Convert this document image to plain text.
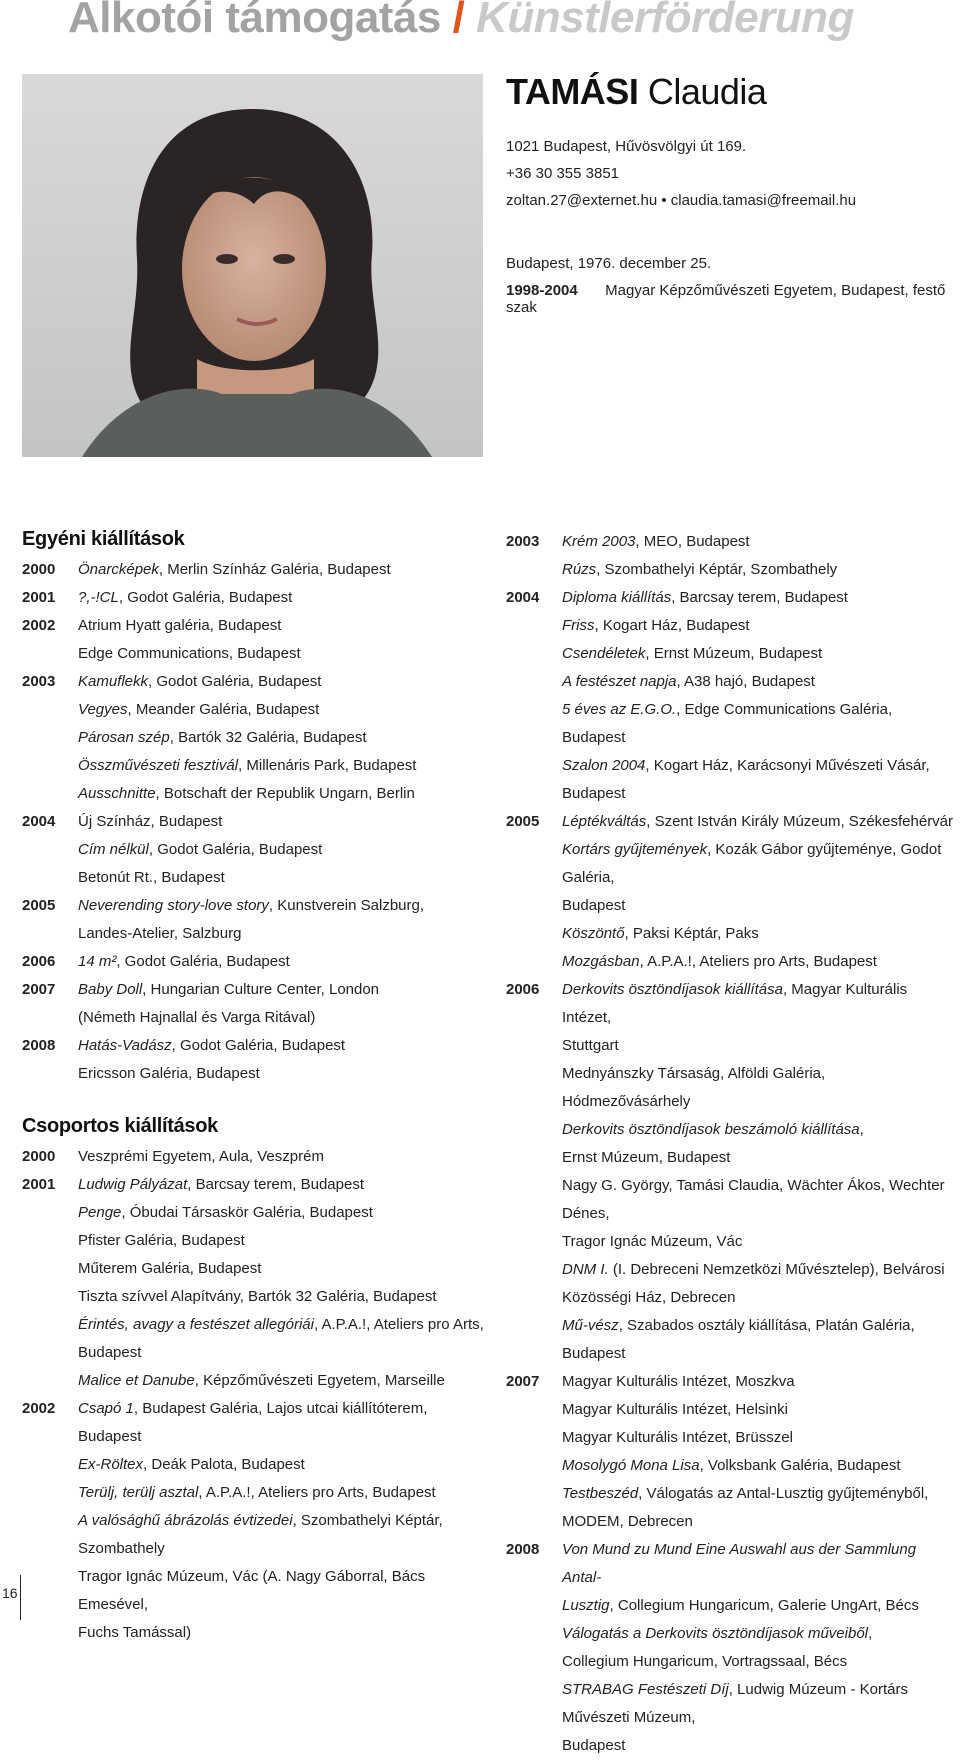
Alkotói támogatás / Künstlerförderung
TAMÁSI Claudia
1021 Budapest, Hűvösvölgyi út 169.
+36 30 355 3851
zoltan.27@externet.hu • claudia.tamasi@freemail.hu
Budapest, 1976. december 25.
1998-2004 Magyar Képzőművészeti Egyetem, Budapest, festő szak
Egyéni kiállítások
2000 Önarcképek, Merlin Színház Galéria, Budapest
2001 ?,-!CL, Godot Galéria, Budapest
2002 Atrium Hyatt galéria, Budapest
Edge Communications, Budapest
2003 Kamuflekk, Godot Galéria, Budapest
Vegyes, Meander Galéria, Budapest
Párosan szép, Bartók 32 Galéria, Budapest
Összművészeti fesztivál, Millenáris Park, Budapest
Ausschnitte, Botschaft der Republik Ungarn, Berlin
2004 Új Színház, Budapest
Cím nélkül, Godot Galéria, Budapest
Betonút Rt., Budapest
2005 Neverending story-love story, Kunstverein Salzburg,
Landes-Atelier, Salzburg
2006 14 m², Godot Galéria, Budapest
2007 Baby Doll, Hungarian Culture Center, London
(Németh Hajnallal és Varga Ritával)
2008 Hatás-Vadász, Godot Galéria, Budapest
Ericsson Galéria, Budapest
Csoportos kiállítások
2000 Veszprémi Egyetem, Aula, Veszprém
2001 Ludwig Pályázat, Barcsay terem, Budapest
Penge, Óbudai Társaskör Galéria, Budapest
Pfister Galéria, Budapest
Műterem Galéria, Budapest
Tiszta szívvel Alapítvány, Bartók 32 Galéria, Budapest
Érintés, avagy a festészet allegóriái, A.P.A.!, Ateliers pro Arts,
Budapest
Malice et Danube, Képzőművészeti Egyetem, Marseille
2002 Csapó 1, Budapest Galéria, Lajos utcai kiállítóterem, Budapest
Ex-Röltex, Deák Palota, Budapest
Terülj, terülj asztal, A.P.A.!, Ateliers pro Arts, Budapest
A valósághű ábrázolás évtizedei, Szombathelyi Képtár, Szombathely
Tragor Ignác Múzeum, Vác (A. Nagy Gáborral, Bács Emesével,
Fuchs Tamással)
2003 Krém 2003, MEO, Budapest
Rúzs, Szombathelyi Képtár, Szombathely
2004 Diploma kiállítás, Barcsay terem, Budapest
Friss, Kogart Ház, Budapest
Csendéletek, Ernst Múzeum, Budapest
A festészet napja, A38 hajó, Budapest
5 éves az E.G.O., Edge Communications Galéria, Budapest
Szalon 2004, Kogart Ház, Karácsonyi Művészeti Vásár, Budapest
2005 Léptékváltás, Szent István Király Múzeum, Székesfehérvár
Kortárs gyűjtemények, Kozák Gábor gyűjteménye, Godot Galéria,
Budapest
Köszöntő, Paksi Képtár, Paks
Mozgásban, A.P.A.!, Ateliers pro Arts, Budapest
2006 Derkovits ösztöndíjasok kiállítása, Magyar Kulturális Intézet,
Stuttgart
Mednyánszky Társaság, Alföldi Galéria, Hódmezővásárhely
Derkovits ösztöndíjasok beszámoló kiállítása,
Ernst Múzeum, Budapest
Nagy G. György, Tamási Claudia, Wächter Ákos, Wechter Dénes,
Tragor Ignác Múzeum, Vác
DNM I. (I. Debreceni Nemzetközi Művésztelep), Belvárosi
Közösségi Ház, Debrecen
Mű-vész, Szabados osztály kiállítása, Platán Galéria, Budapest
2007 Magyar Kulturális Intézet, Moszkva
Magyar Kulturális Intézet, Helsinki
Magyar Kulturális Intézet, Brüsszel
Mosolygó Mona Lisa, Volksbank Galéria, Budapest
Testbeszéd, Válogatás az Antal-Lusztig gyűjteményből,
MODEM, Debrecen
2008 Von Mund zu Mund Eine Auswahl aus der Sammlung Antal-
Lusztig, Collegium Hungaricum, Galerie UngArt, Bécs
Válogatás a Derkovits ösztöndíjasok műveiből,
Collegium Hungaricum, Vortragssaal, Bécs
STRABAG Festészeti Díj, Ludwig Múzeum - Kortárs Művészeti Múzeum,
Budapest
16
